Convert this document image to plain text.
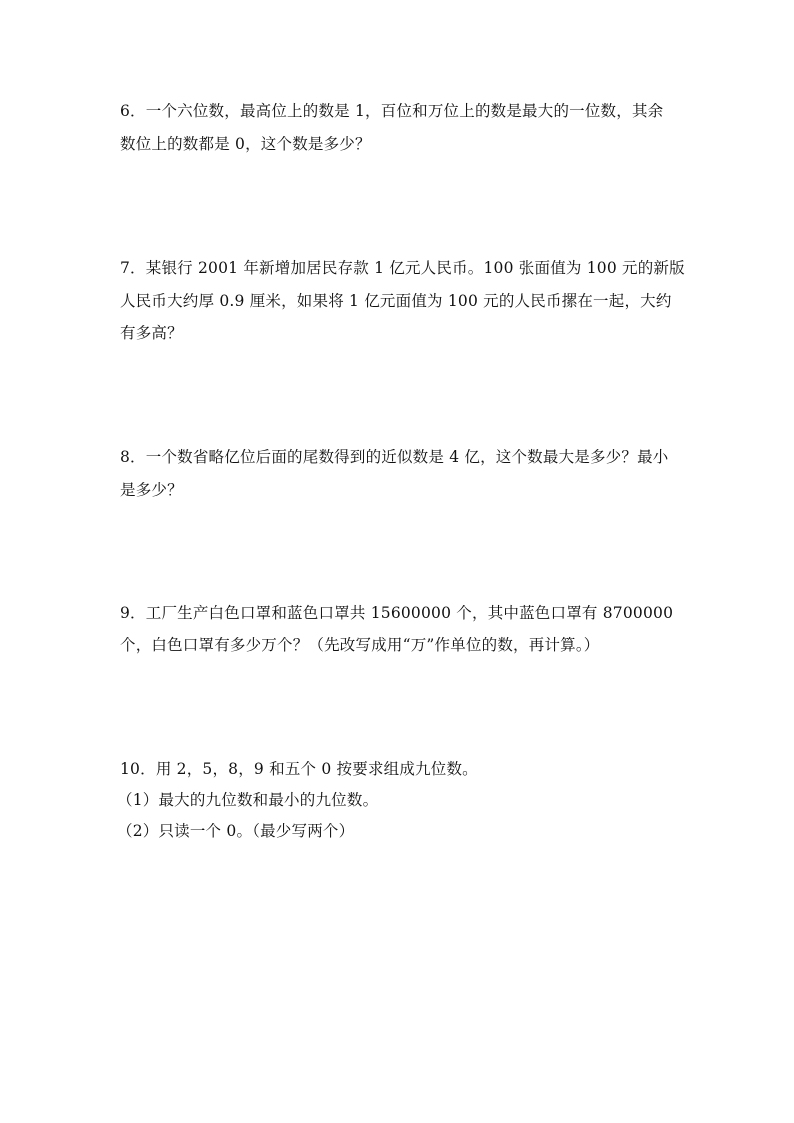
6．一个六位数，最高位上的数是 1，百位和万位上的数是最大的一位数，其余
数位上的数都是 0，这个数是多少？
7．某银行 2001 年新增加居民存款 1 亿元人民币。100 张面值为 100 元的新版
人民币大约厚 0.9 厘米，如果将 1 亿元面值为 100 元的人民币摞在一起，大约
有多高？
8．一个数省略亿位后面的尾数得到的近似数是 4 亿，这个数最大是多少？最小
是多少？
9．工厂生产白色口罩和蓝色口罩共 15600000 个，其中蓝色口罩有 8700000
个，白色口罩有多少万个？（先改写成用“万”作单位的数，再计算。）
10．用 2，5，8，9 和五个 0 按要求组成九位数。
（1）最大的九位数和最小的九位数。
（2）只读一个 0。（最少写两个）
